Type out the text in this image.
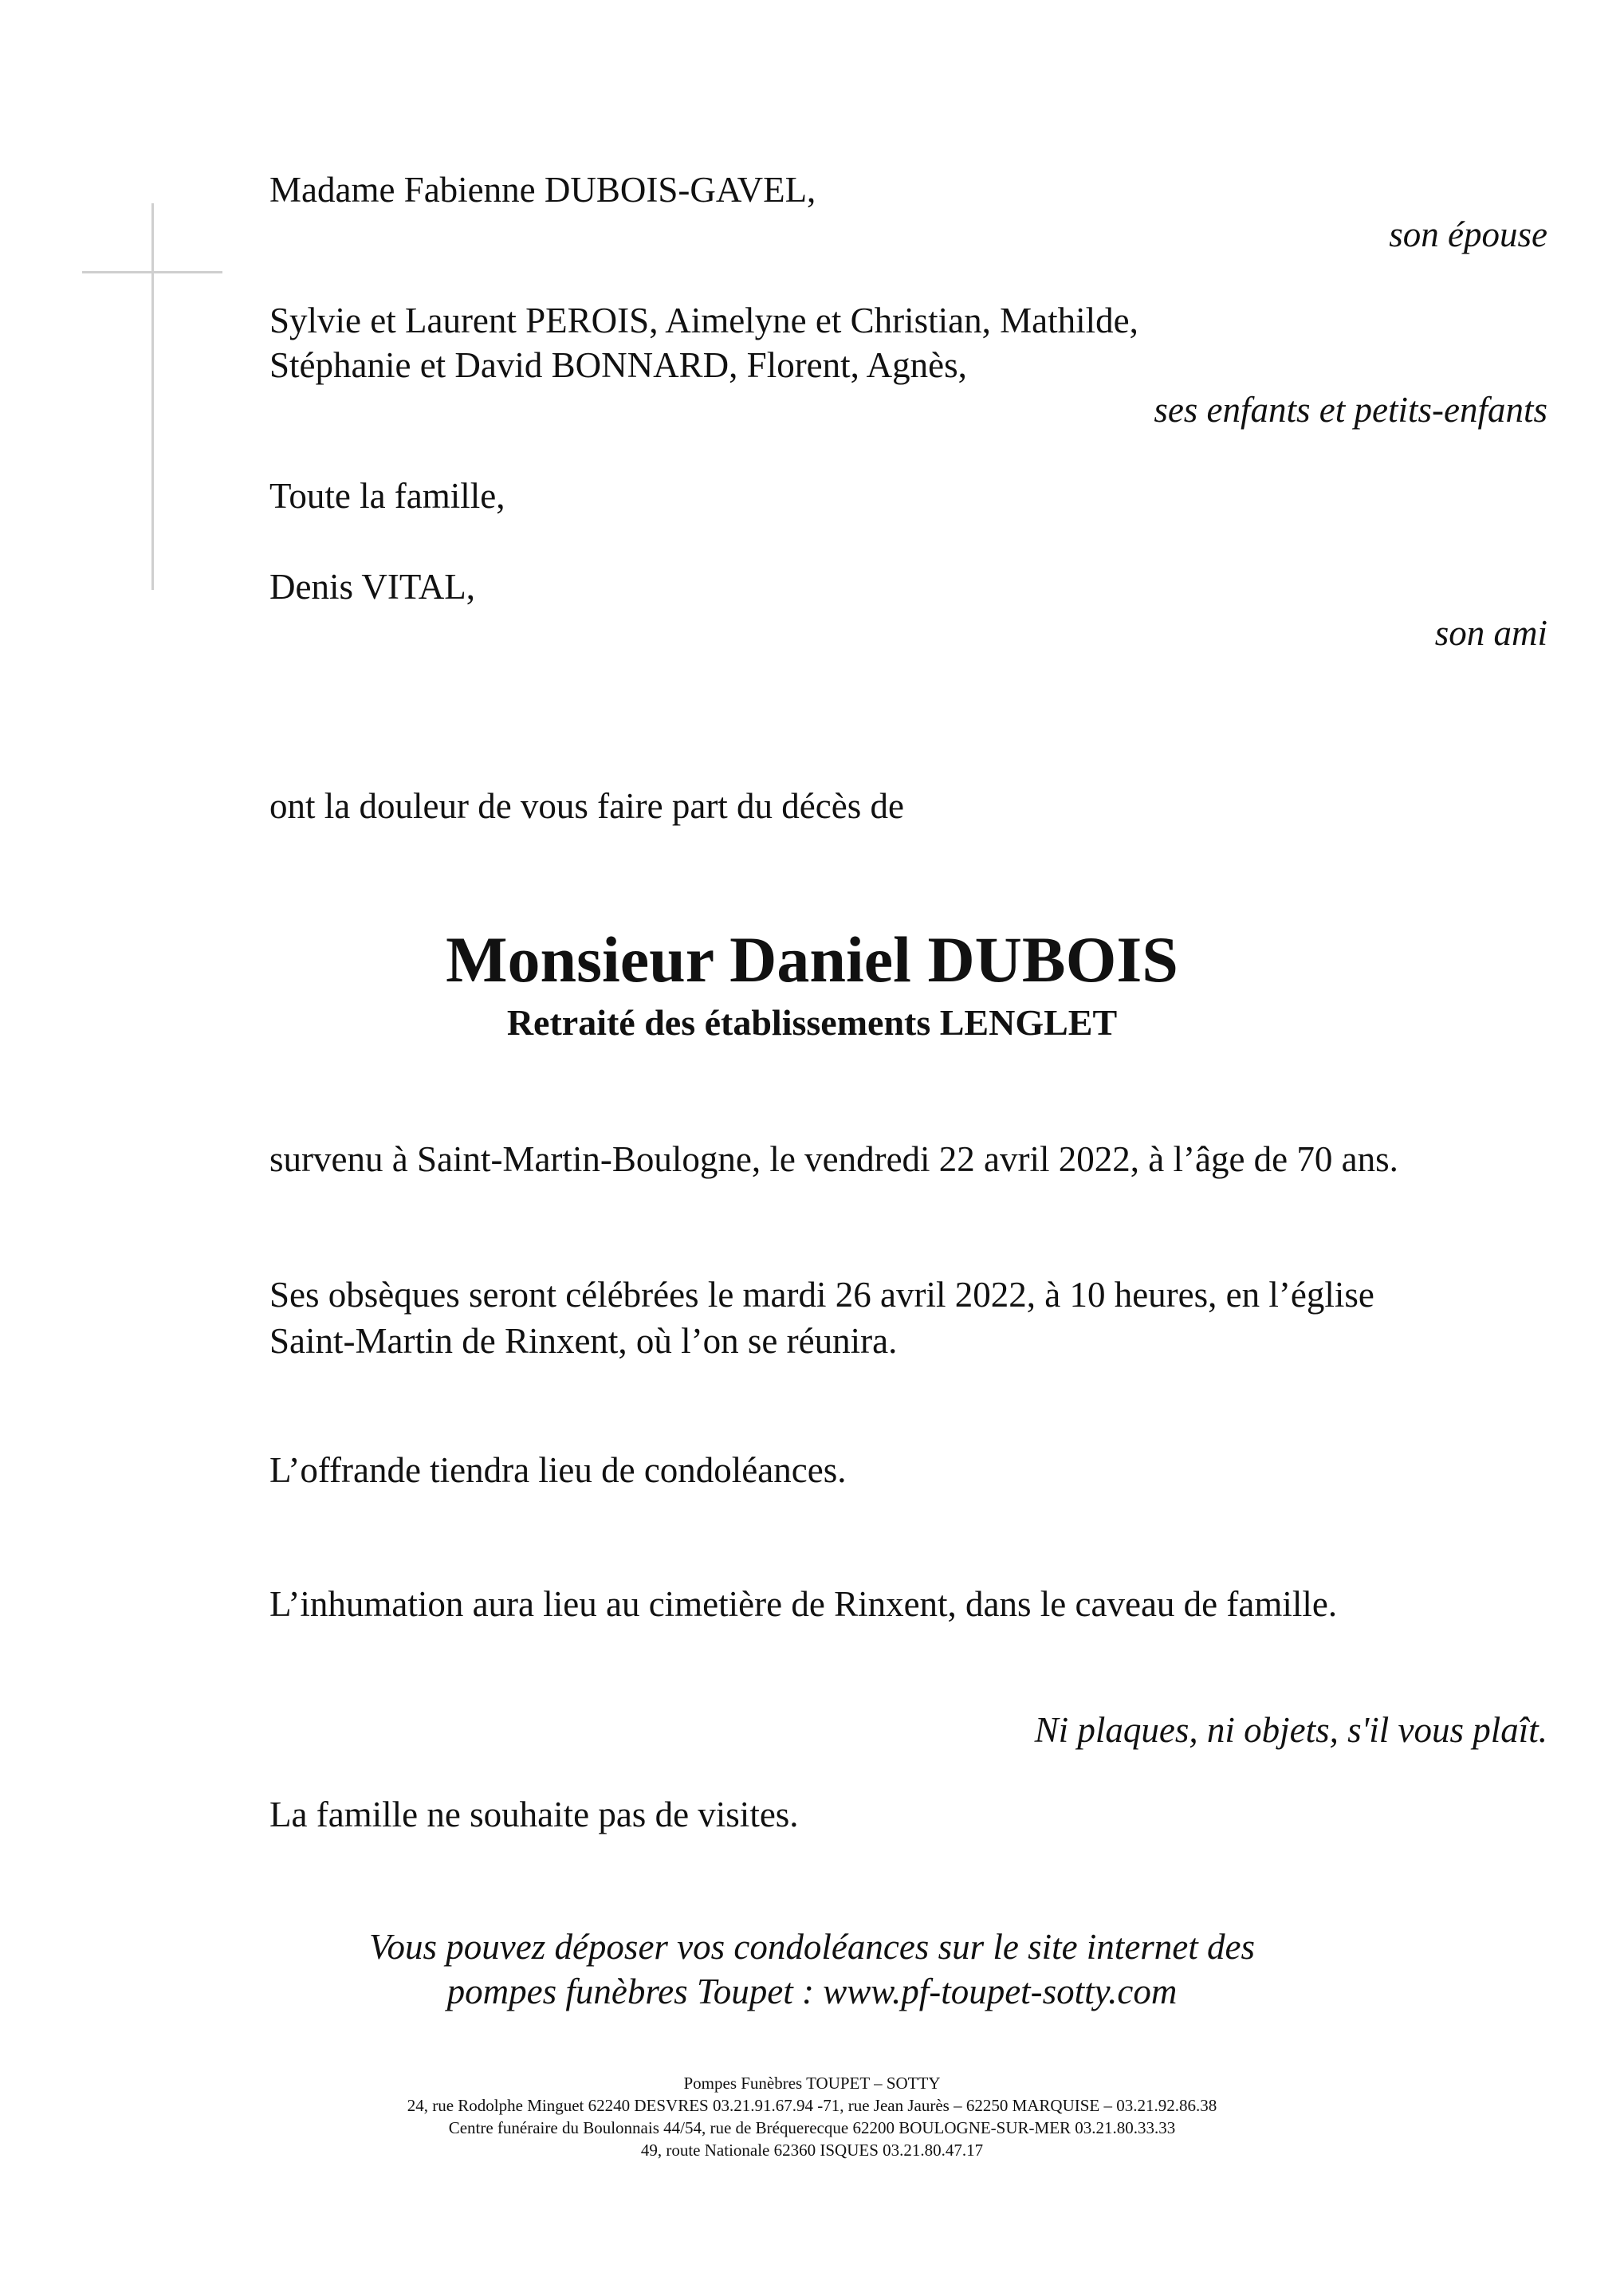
Madame Fabienne DUBOIS-GAVEL,
son épouse
Sylvie et Laurent PEROIS, Aimelyne et Christian, Mathilde,
Stéphanie et David BONNARD, Florent, Agnès,
ses enfants et petits-enfants
Toute la famille,
Denis VITAL,
son ami
ont la douleur de vous faire part du décès de
Monsieur Daniel DUBOIS
Retraité des établissements LENGLET
survenu à Saint-Martin-Boulogne, le vendredi 22 avril 2022, à l’âge de 70 ans.
Ses obsèques seront célébrées le mardi 26 avril 2022, à 10 heures, en l’église
Saint-Martin de Rinxent, où l’on se réunira.
L’offrande tiendra lieu de condoléances.
L’inhumation aura lieu au cimetière de Rinxent, dans le caveau de famille.
Ni plaques, ni objets, s'il vous plaît.
La famille ne souhaite pas de visites.
Vous pouvez déposer vos condoléances sur le site internet des
pompes funèbres Toupet : www.pf-toupet-sotty.com
Pompes Funèbres TOUPET – SOTTY
24, rue Rodolphe Minguet 62240 DESVRES 03.21.91.67.94 -71, rue Jean Jaurès – 62250 MARQUISE – 03.21.92.86.38
Centre funéraire du Boulonnais 44/54, rue de Bréquerecque 62200 BOULOGNE-SUR-MER 03.21.80.33.33
49, route Nationale 62360 ISQUES 03.21.80.47.17
